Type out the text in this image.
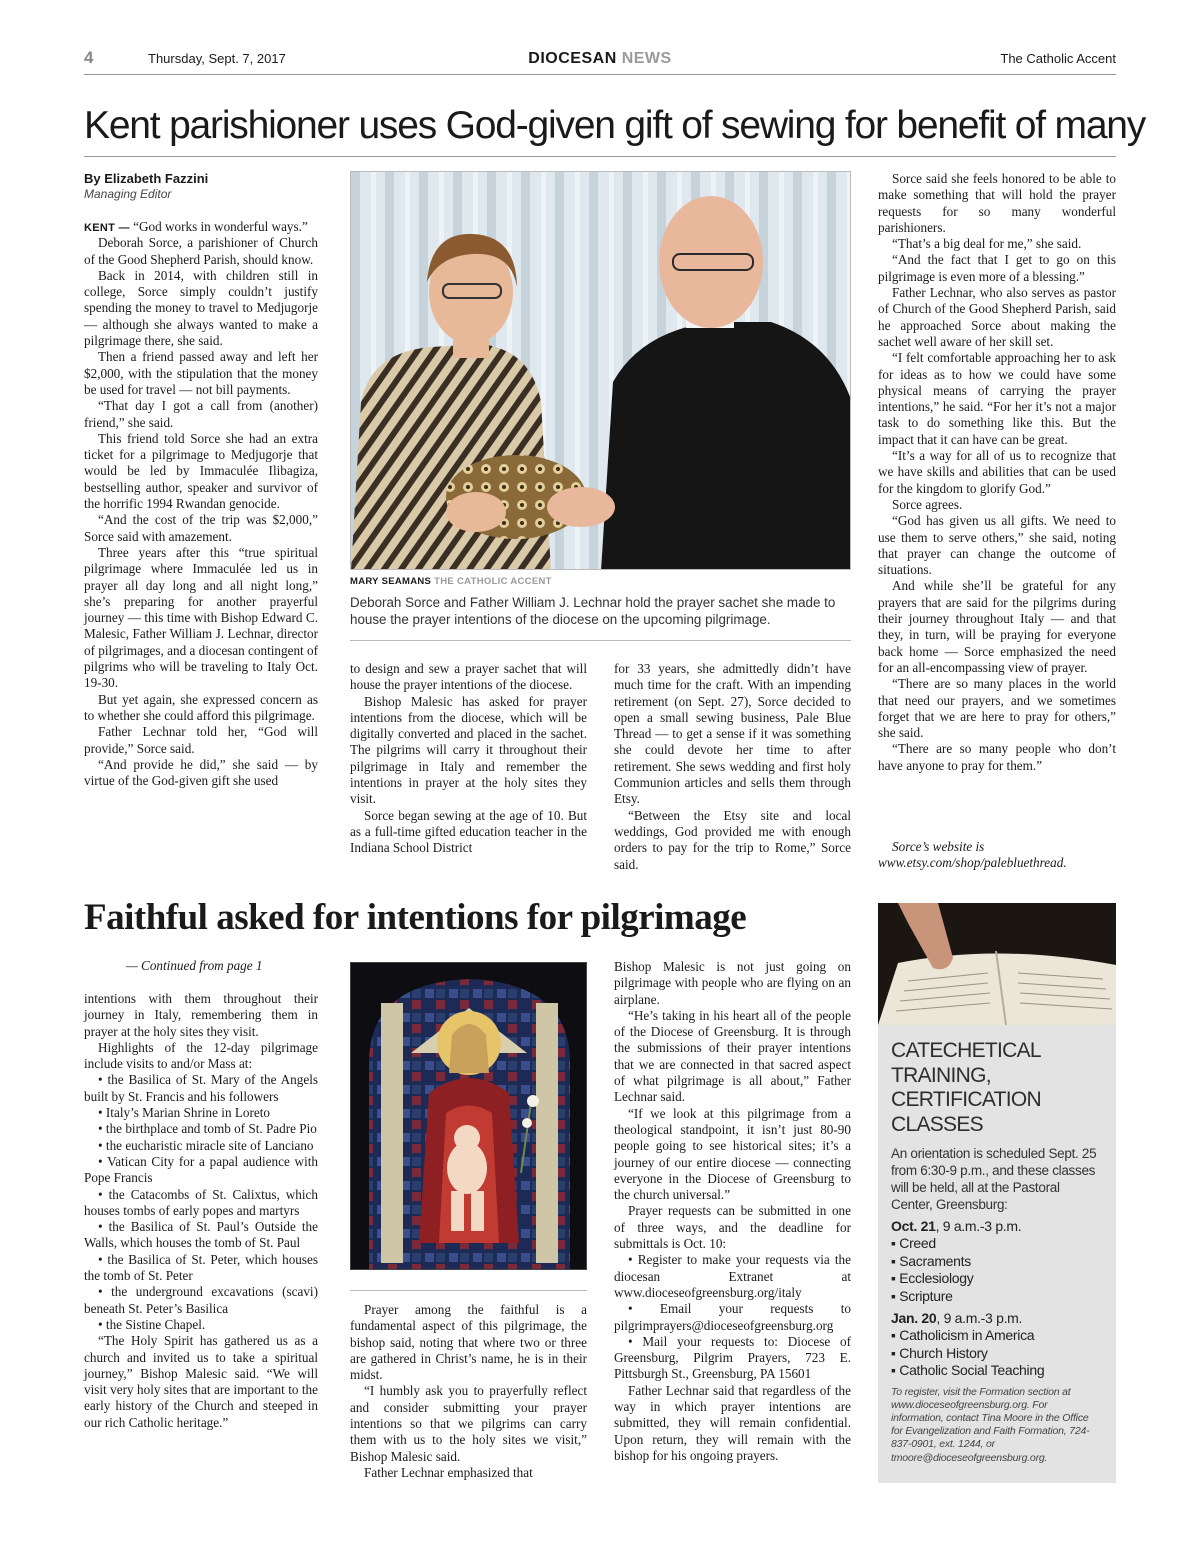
4	Thursday, Sept. 7, 2017	DIOCESAN NEWS	The Catholic Accent
Kent parishioner uses God-given gift of sewing for benefit of many
By Elizabeth Fazzini
Managing Editor

KENT — “God works in wonderful ways.”

Deborah Sorce, a parishioner of Church of the Good Shepherd Parish, should know.

Back in 2014, with children still in college, Sorce simply couldn’t justify spending the money to travel to Medjugorje — although she always wanted to make a pilgrimage there, she said.

Then a friend passed away and left her $2,000, with the stipulation that the money be used for travel — not bill payments.

“That day I got a call from (another) friend,” she said.

This friend told Sorce she had an extra ticket for a pilgrimage to Medjugorje that would be led by Immaculée Ilibagiza, bestselling author, speaker and survivor of the horrific 1994 Rwandan genocide.

“And the cost of the trip was $2,000,” Sorce said with amazement.

Three years after this “true spiritual pilgrimage where Immaculée led us in prayer all day long and all night long,” she’s preparing for another prayerful journey — this time with Bishop Edward C. Malesic, Father William J. Lechnar, director of pilgrimages, and a diocesan contingent of pilgrims who will be traveling to Italy Oct. 19-30.

But yet again, she expressed concern as to whether she could afford this pilgrimage.

Father Lechnar told her, “God will provide,” Sorce said.

“And provide he did,” she said — by virtue of the God-given gift she used

MARY SEAMANS THE CATHOLIC ACCENT
Deborah Sorce and Father William J. Lechnar hold the prayer sachet she made to house the prayer intentions of the diocese on the upcoming pilgrimage.

to design and sew a prayer sachet that will house the prayer intentions of the diocese.

Bishop Malesic has asked for prayer intentions from the diocese, which will be digitally converted and placed in the sachet. The pilgrims will carry it throughout their pilgrimage in Italy and remember the intentions in prayer at the holy sites they visit.

Sorce began sewing at the age of 10. But as a full-time gifted education teacher in the Indiana School District

for 33 years, she admittedly didn’t have much time for the craft. With an impending retirement (on Sept. 27), Sorce decided to open a small sewing business, Pale Blue Thread — to get a sense if it was something she could devote her time to after retirement. She sews wedding and first holy Communion articles and sells them through Etsy.

“Between the Etsy site and local weddings, God provided me with enough orders to pay for the trip to Rome,” Sorce said.

Sorce said she feels honored to be able to make something that will hold the prayer requests for so many wonderful parishioners.

“That’s a big deal for me,” she said.

“And the fact that I get to go on this pilgrimage is even more of a blessing.”

Father Lechnar, who also serves as pastor of Church of the Good Shepherd Parish, said he approached Sorce about making the sachet well aware of her skill set.

“I felt comfortable approaching her to ask for ideas as to how we could have some physical means of carrying the prayer intentions,” he said. “For her it’s not a major task to do something like this. But the impact that it can have can be great.

“It’s a way for all of us to recognize that we have skills and abilities that can be used for the kingdom to glorify God.”

Sorce agrees.

“God has given us all gifts. We need to use them to serve others,” she said, noting that prayer can change the outcome of situations.

And while she’ll be grateful for any prayers that are said for the pilgrims during their journey throughout Italy — and that they, in turn, will be praying for everyone back home — Sorce emphasized the need for an all-encompassing view of prayer.

“There are so many places in the world that need our prayers, and we sometimes forget that we are here to pray for others,” she said.

“There are so many people who don’t have anyone to pray for them.”

Sorce’s website is www.etsy.com/shop/palebluethread.
Faithful asked for intentions for pilgrimage
— Continued from page 1

intentions with them throughout their journey in Italy, remembering them in prayer at the holy sites they visit.

Highlights of the 12-day pilgrimage include visits to and/or Mass at:

• the Basilica of St. Mary of the Angels built by St. Francis and his followers

• Italy’s Marian Shrine in Loreto

• the birthplace and tomb of St. Padre Pio

• the eucharistic miracle site of Lanciano

• Vatican City for a papal audience with Pope Francis

• the Catacombs of St. Calixtus, which houses tombs of early popes and martyrs

• the Basilica of St. Paul’s Outside the Walls, which houses the tomb of St. Paul

• the Basilica of St. Peter, which houses the tomb of St. Peter

• the underground excavations (scavi) beneath St. Peter’s Basilica

• the Sistine Chapel.

“The Holy Spirit has gathered us as a church and invited us to take a spiritual journey,” Bishop Malesic said. “We will visit very holy sites that are important to the early history of the Church and steeped in our rich Catholic heritage.”

Prayer among the faithful is a fundamental aspect of this pilgrimage, the bishop said, noting that where two or three are gathered in Christ’s name, he is in their midst.

“I humbly ask you to prayerfully reflect and consider submitting your prayer intentions so that we pilgrims can carry them with us to the holy sites we visit,” Bishop Malesic said.

Father Lechnar emphasized that

Bishop Malesic is not just going on pilgrimage with people who are flying on an airplane.

“He’s taking in his heart all of the people of the Diocese of Greensburg. It is through the submissions of their prayer intentions that we are connected in that sacred aspect of what pilgrimage is all about,” Father Lechnar said.

“If we look at this pilgrimage from a theological standpoint, it isn’t just 80-90 people going to see historical sites; it’s a journey of our entire diocese — connecting everyone in the Diocese of Greensburg to the church universal.”

Prayer requests can be submitted in one of three ways, and the deadline for submittals is Oct. 10:

• Register to make your requests via the diocesan Extranet at www.dioceseofgreensburg.org/italy

• Email your requests to pilgrimprayers@dioceseofgreensburg.org

• Mail your requests to: Diocese of Greensburg, Pilgrim Prayers, 723 E. Pittsburgh St., Greensburg, PA 15601

Father Lechnar said that regardless of the way in which prayer intentions are submitted, they will remain confidential. Upon return, they will remain with the bishop for his ongoing prayers.

CATECHETICAL
TRAINING,
CERTIFICATION
CLASSES
An orientation is scheduled Sept. 25 from 6:30-9 p.m., and these classes will be held, all at the Pastoral Center, Greensburg:
Oct. 21, 9 a.m.-3 p.m.
▪ Creed
▪ Sacraments
▪ Ecclesiology
▪ Scripture
Jan. 20, 9 a.m.-3 p.m.
▪ Catholicism in America
▪ Church History
▪ Catholic Social Teaching
To register, visit the Formation section at www.dioceseofgreensburg.org. For information, contact Tina Moore in the Office for Evangelization and Faith Formation, 724-837-0901, ext. 1244, or tmoore@dioceseofgreensburg.org.
